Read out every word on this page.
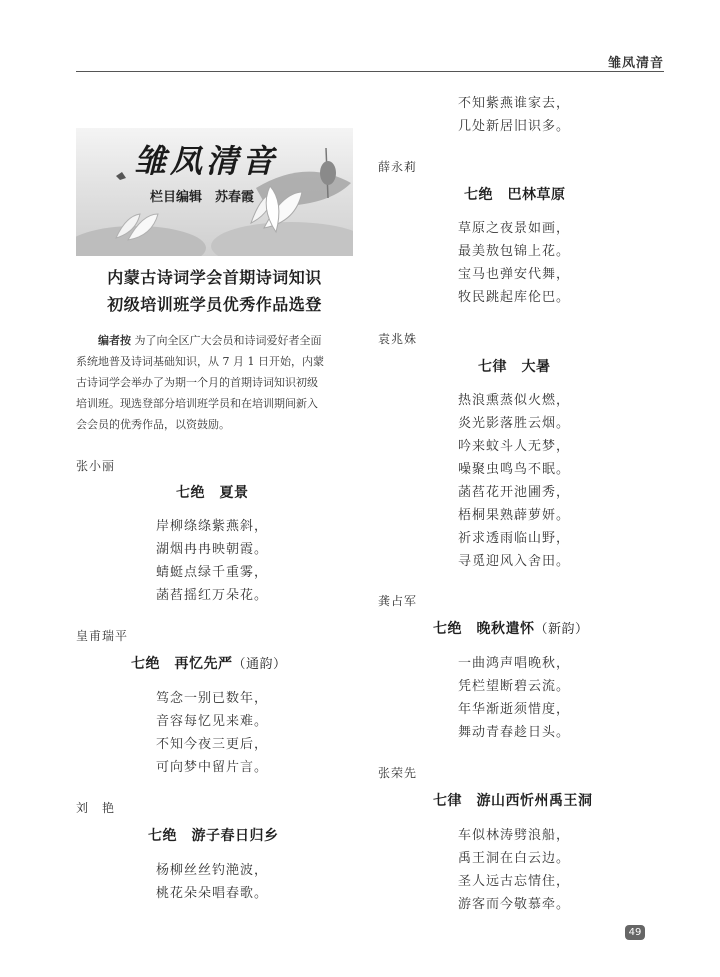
雏凤清音
雏凤清音
栏目编辑　苏春霞
内蒙古诗词学会首期诗词知识
初级培训班学员优秀作品选登
编者按 为了向全区广大会员和诗词爱好者全面
系统地普及诗词基础知识，从 7 月 1 日开始，内蒙
古诗词学会举办了为期一个月的首期诗词知识初级
培训班。现选登部分培训班学员和在培训期间新入
会会员的优秀作品，以资鼓励。
张小丽
七绝　夏景
岸柳绦绦紫燕斜，
湖烟冉冉映朝霞。
蜻蜓点绿千重雾，
菡萏摇红万朵花。
皇甫瑞平
七绝　再忆先严（通韵）
笃念一别已数年，
音容每忆见来难。
不知今夜三更后，
可向梦中留片言。
刘　艳
七绝　游子春日归乡
杨柳丝丝钓滟波，
桃花朵朵唱春歌。
不知紫燕谁家去，
几处新居旧识多。
薛永莉
七绝　巴林草原
草原之夜景如画，
最美敖包锦上花。
宝马也弹安代舞，
牧民跳起库伦巴。
袁兆姝
七律　大暑
热浪熏蒸似火燃，
炎光影落胜云烟。
吟来蚊斗人无梦，
噪聚虫鸣鸟不眠。
菡萏花开池圃秀，
梧桐果熟薜萝妍。
祈求透雨临山野，
寻觅迎风入舍田。
龚占军
七绝　晚秋遣怀（新韵）
一曲鸿声唱晚秋，
凭栏望断碧云流。
年华渐逝须惜度，
舞动青春趁日头。
张荣先
七律　游山西忻州禹王洞
车似林涛劈浪船，
禹王洞在白云边。
圣人远古忘情住，
游客而今敬慕牵。
49
